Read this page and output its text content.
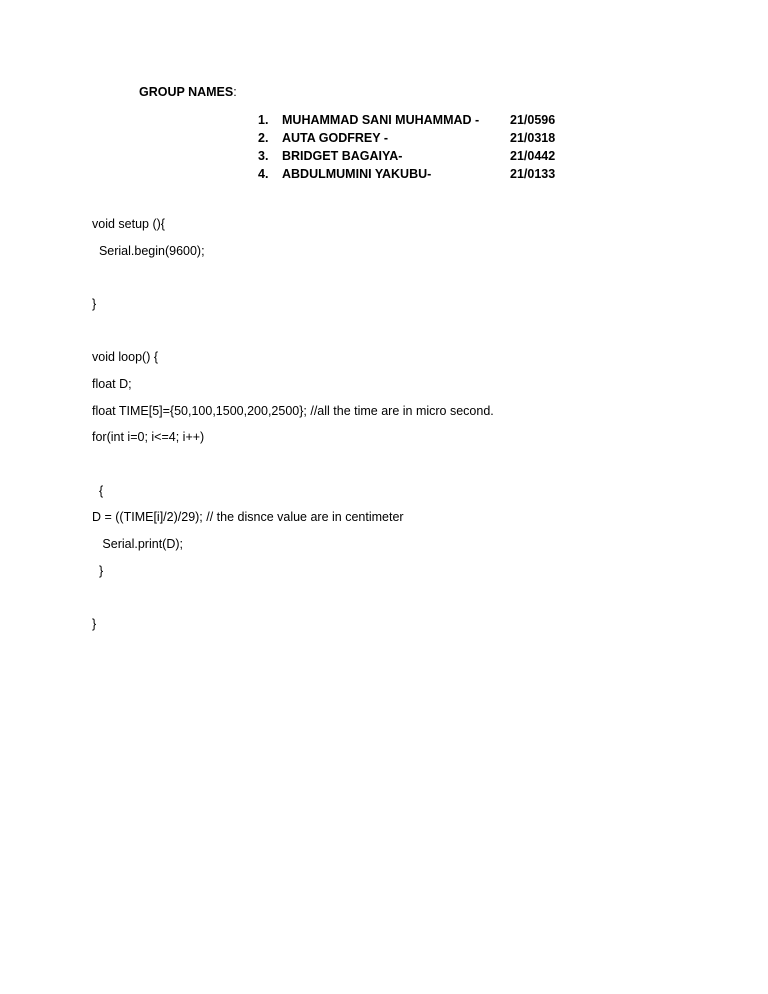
GROUP NAMES:
1. MUHAMMAD SANI MUHAMMAD - 21/0596
2. AUTA GODFREY -	21/0318
3. BRIDGET BAGAIYA-	21/0442
4. ABDULMUMINI YAKUBU-	21/0133
void setup (){
Serial.begin(9600);
}
void loop() {
float D;
float TIME[5]={50,100,1500,200,2500}; //all the time are in micro second.
for(int i=0; i<=4; i++)
{
D = ((TIME[i]/2)/29); // the disnce value are in centimeter
Serial.print(D);
}
}
